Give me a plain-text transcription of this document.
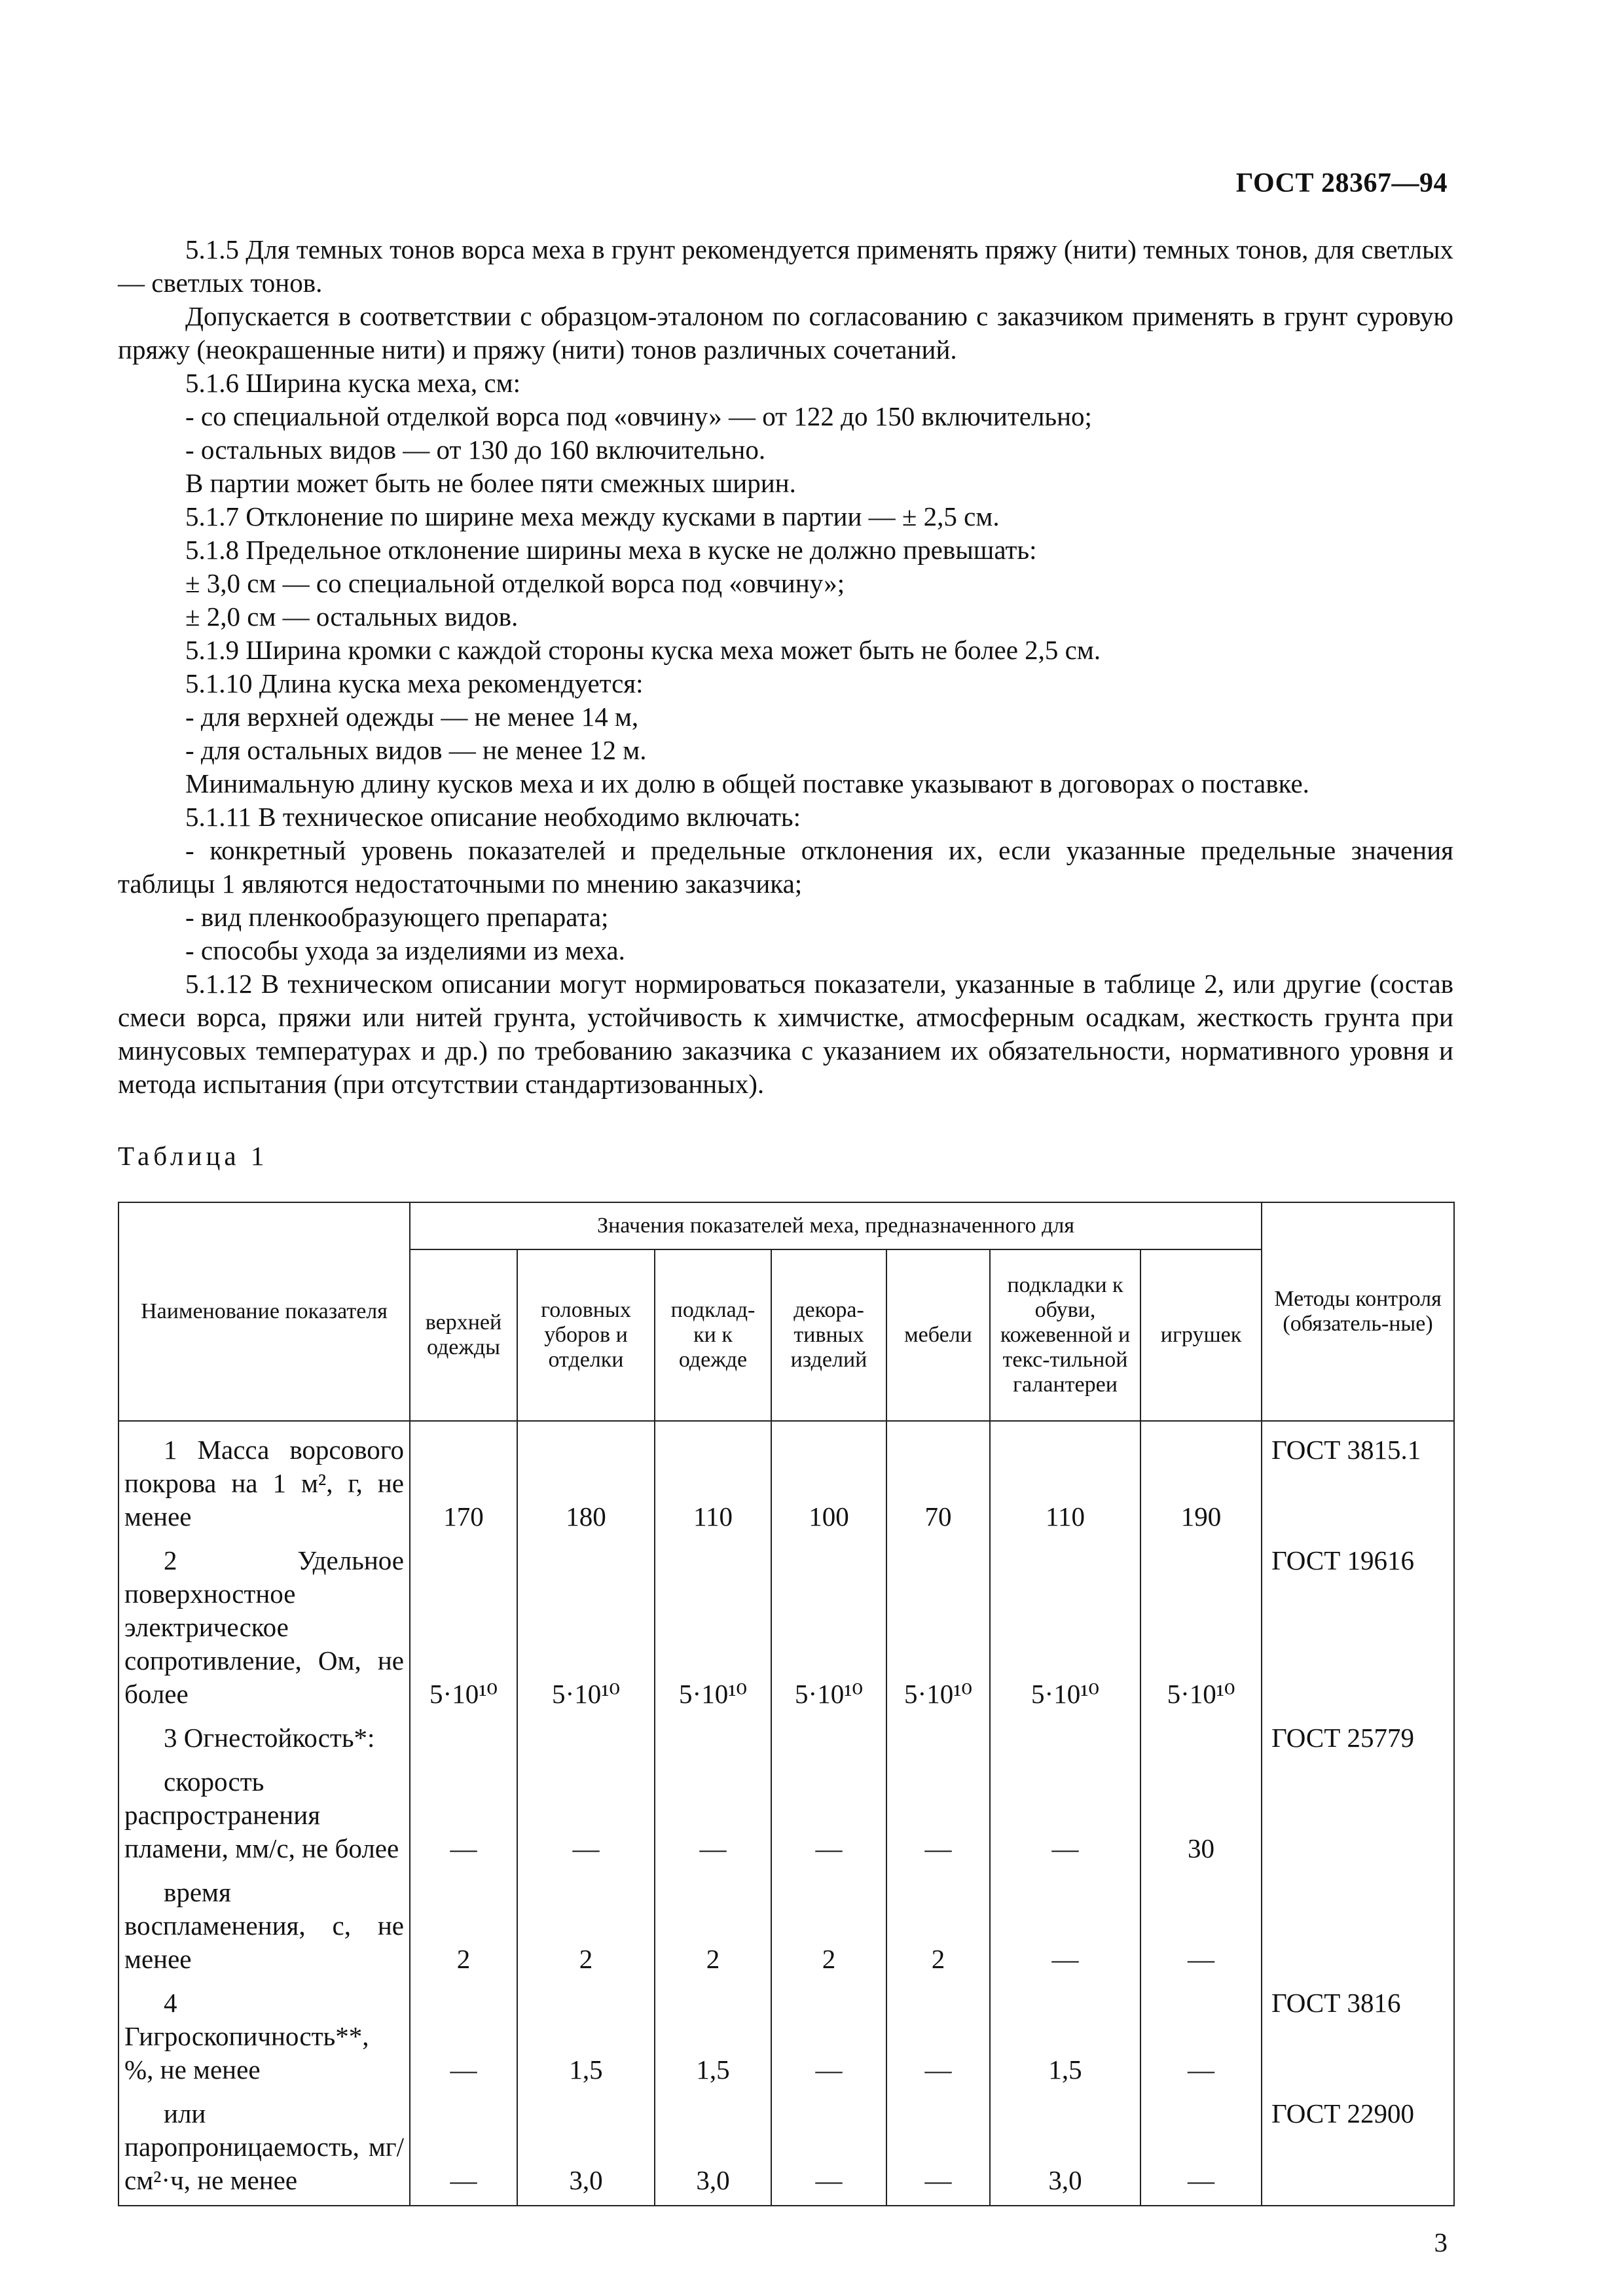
ГОСТ 28367—94

5.1.5 Для темных тонов ворса меха в грунт рекомендуется применять пряжу (нити) темных тонов, для светлых — светлых тонов.

Допускается в соответствии с образцом-эталоном по согласованию с заказчиком применять в грунт суровую пряжу (неокрашенные нити) и пряжу (нити) тонов различных сочетаний.

5.1.6 Ширина куска меха, см:

- со специальной отделкой ворса под «овчину» — от 122 до 150 включительно;

- остальных видов — от 130 до 160 включительно.

В партии может быть не более пяти смежных ширин.

5.1.7 Отклонение по ширине меха между кусками в партии — ± 2,5 см.

5.1.8 Предельное отклонение ширины меха в куске не должно превышать:

± 3,0 см — со специальной отделкой ворса под «овчину»;

± 2,0 см — остальных видов.

5.1.9 Ширина кромки с каждой стороны куска меха может быть не более 2,5 см.

5.1.10 Длина куска меха рекомендуется:

- для верхней одежды — не менее 14 м,

- для остальных видов — не менее 12 м.

Минимальную длину кусков меха и их долю в общей поставке указывают в договорах о поставке.

5.1.11 В техническое описание необходимо включать:

- конкретный уровень показателей и предельные отклонения их, если указанные предельные значения таблицы 1 являются недостаточными по мнению заказчика;

- вид пленкообразующего препарата;

- способы ухода за изделиями из меха.

5.1.12 В техническом описании могут нормироваться показатели, указанные в таблице 2, или другие (состав смеси ворса, пряжи или нитей грунта, устойчивость к химчистке, атмосферным осадкам, жесткость грунта при минусовых температурах и др.) по требованию заказчика с указанием их обязательности, нормативного уровня и метода испытания (при отсутствии стандартизованных).

Таблица 1
Наименование показателя	Значения показателей меха, предназначенного для							Методы контроля (обязатель-ные)
	верхней одежды	головных уборов и отделки	подклад-ки к одежде	декора-тивных изделий	мебели	подкладки к обуви, кожевенной и текс-тильной галантереи	игрушек	

1 Масса ворсового покрова на 1 м², г, не менее	170	180	110	100	70	110	190	ГОСТ 3815.1

2 Удельное поверхностное электрическое сопротивление, Ом, не более	5·10¹⁰	5·10¹⁰	5·10¹⁰	5·10¹⁰	5·10¹⁰	5·10¹⁰	5·10¹⁰	ГОСТ 19616

3 Огнестойкость*:								ГОСТ 25779

скорость распространения пламени, мм/с, не более	—	—	—	—	—	—	30	

время воспламенения, с, не менее	2	2	2	2	2	—	—	

4 Гигроскопичность**, %, не менее	—	1,5	1,5	—	—	1,5	—	ГОСТ 3816

или паропроницаемость, мг/см²·ч, не менее	—	3,0	3,0	—	—	3,0	—	ГОСТ 22900
3
